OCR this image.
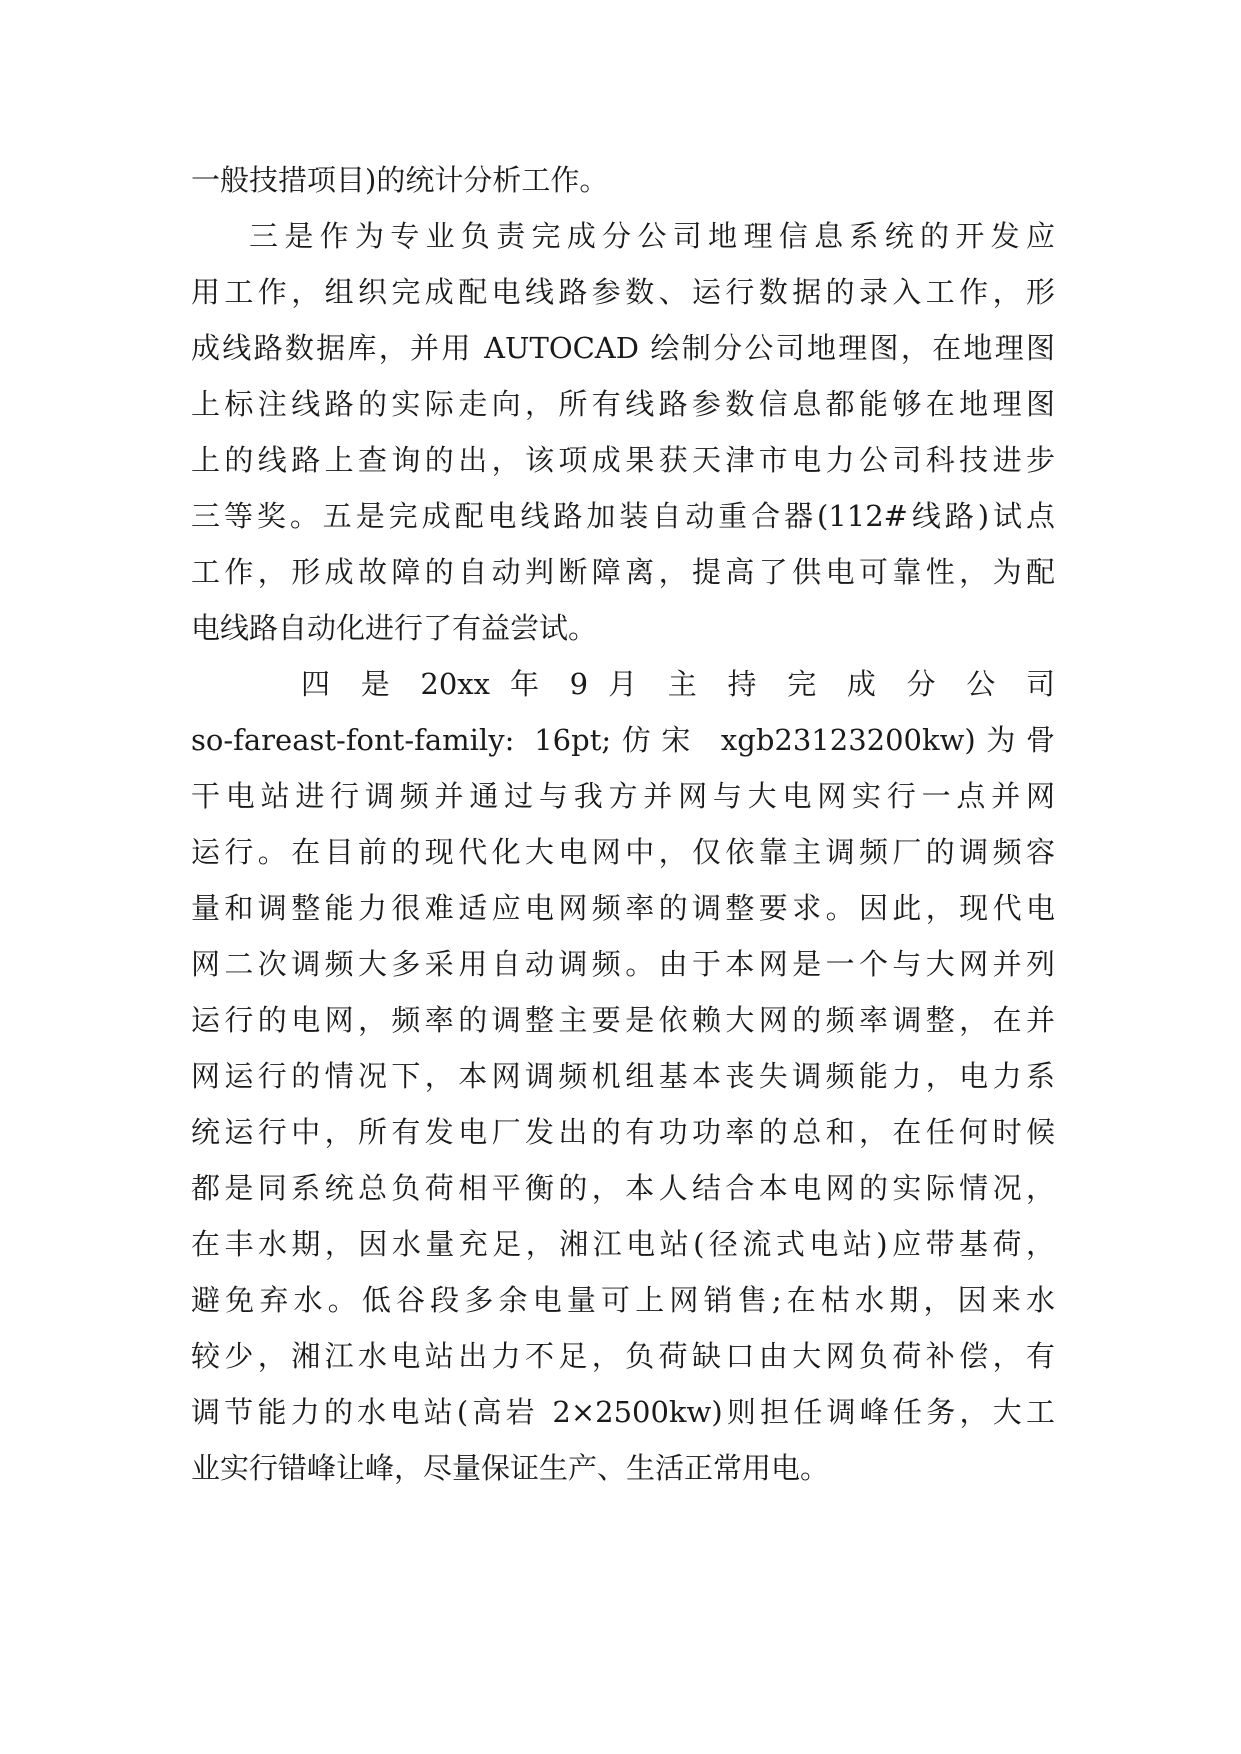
一般技措项目)的统计分析工作。
三是作为专业负责完成分公司地理信息系统的开发应
用工作，组织完成配电线路参数、运行数据的录入工作，形
成线路数据库，并用 AUTOCAD 绘制分公司地理图，在地理图
上标注线路的实际走向，所有线路参数信息都能够在地理图
上的线路上查询的出，该项成果获天津市电力公司科技进步
三等奖。五是完成配电线路加装自动重合器(112#线路)试点
工作，形成故障的自动判断障离，提高了供电可靠性，为配
电线路自动化进行了有益尝试。
四 是 20xx 年 9 月 主 持 完 成 分 公 司
so-fareast-font-family: 16pt;仿宋 xgb23123200kw)为骨
干电站进行调频并通过与我方并网与大电网实行一点并网
运行。在目前的现代化大电网中，仅依靠主调频厂的调频容
量和调整能力很难适应电网频率的调整要求。因此，现代电
网二次调频大多采用自动调频。由于本网是一个与大网并列
运行的电网，频率的调整主要是依赖大网的频率调整，在并
网运行的情况下，本网调频机组基本丧失调频能力，电力系
统运行中，所有发电厂发出的有功功率的总和，在任何时候
都是同系统总负荷相平衡的，本人结合本电网的实际情况，
在丰水期，因水量充足，湘江电站(径流式电站)应带基荷，
避免弃水。低谷段多余电量可上网销售;在枯水期，因来水
较少，湘江水电站出力不足，负荷缺口由大网负荷补偿，有
调节能力的水电站(高岩 2×2500kw)则担任调峰任务，大工
业实行错峰让峰，尽量保证生产、生活正常用电。
